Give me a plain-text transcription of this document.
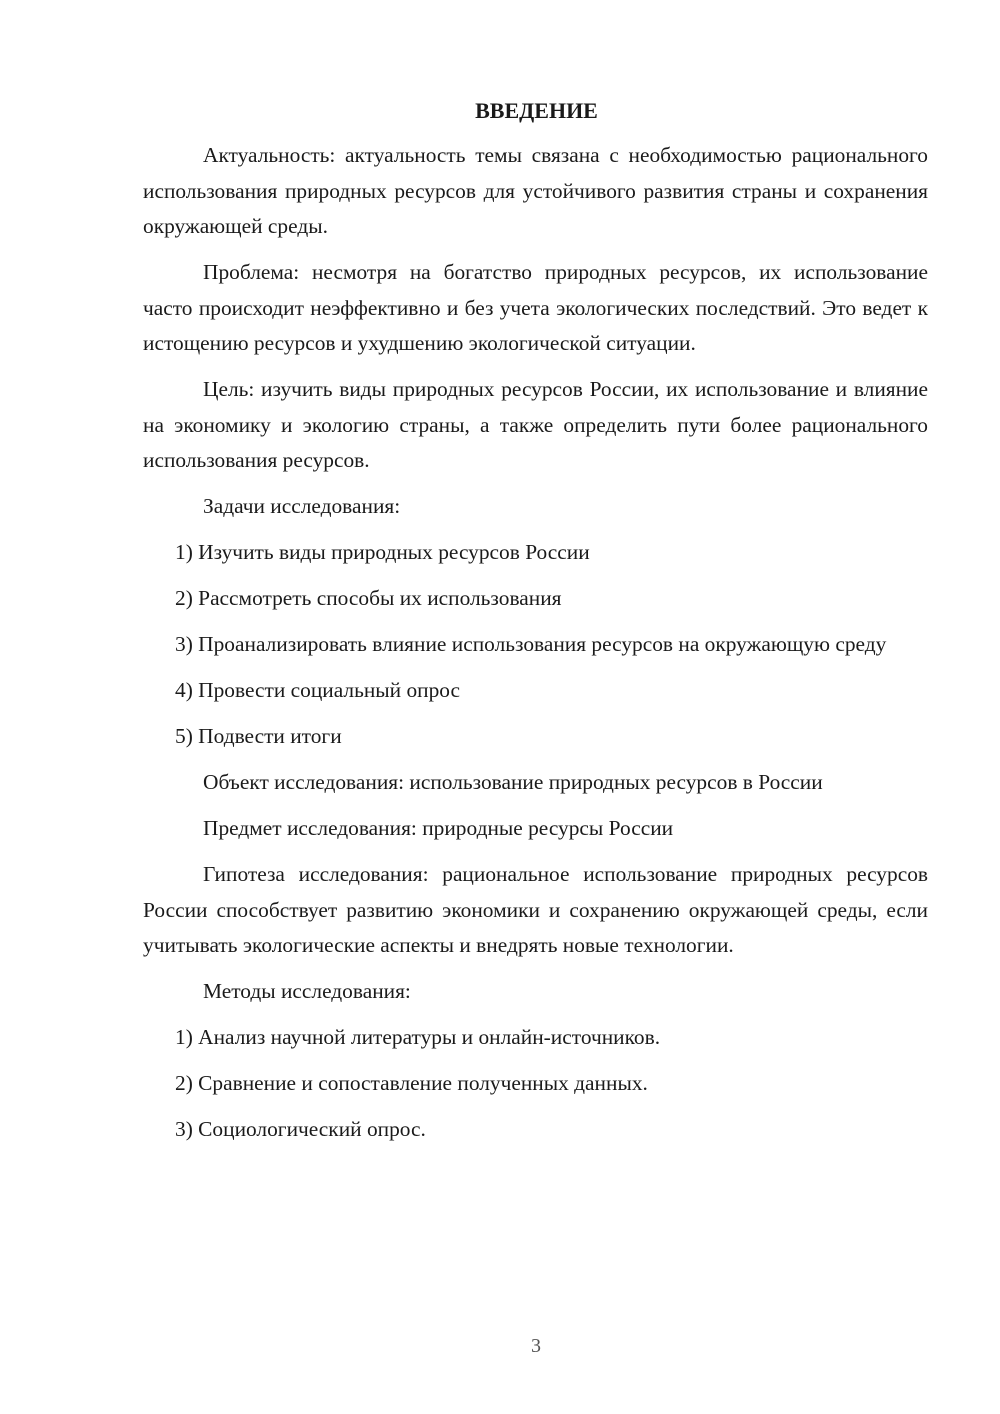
ВВЕДЕНИЕ

Актуальность: актуальность темы связана с необходимостью рационального использования природных ресурсов для устойчивого развития страны и сохранения окружающей среды.

Проблема: несмотря на богатство природных ресурсов, их использование часто происходит неэффективно и без учета экологических последствий. Это ведет к истощению ресурсов и ухудшению экологической ситуации.

Цель: изучить виды природных ресурсов России, их использование и влияние на экономику и экологию страны, а также определить пути более рационального использования ресурсов.

Задачи исследования:

1) Изучить виды природных ресурсов России

2) Рассмотреть способы их использования

3) Проанализировать влияние использования ресурсов на окружающую среду

4) Провести социальный опрос

5) Подвести итоги

Объект исследования: использование природных ресурсов в России

Предмет исследования: природные ресурсы России

Гипотеза исследования: рациональное использование природных ресурсов России способствует развитию экономики и сохранению окружающей среды, если учитывать экологические аспекты и внедрять новые технологии.

Методы исследования:

1) Анализ научной литературы и онлайн-источников.

2) Сравнение и сопоставление полученных данных.

3) Социологический опрос.

3
